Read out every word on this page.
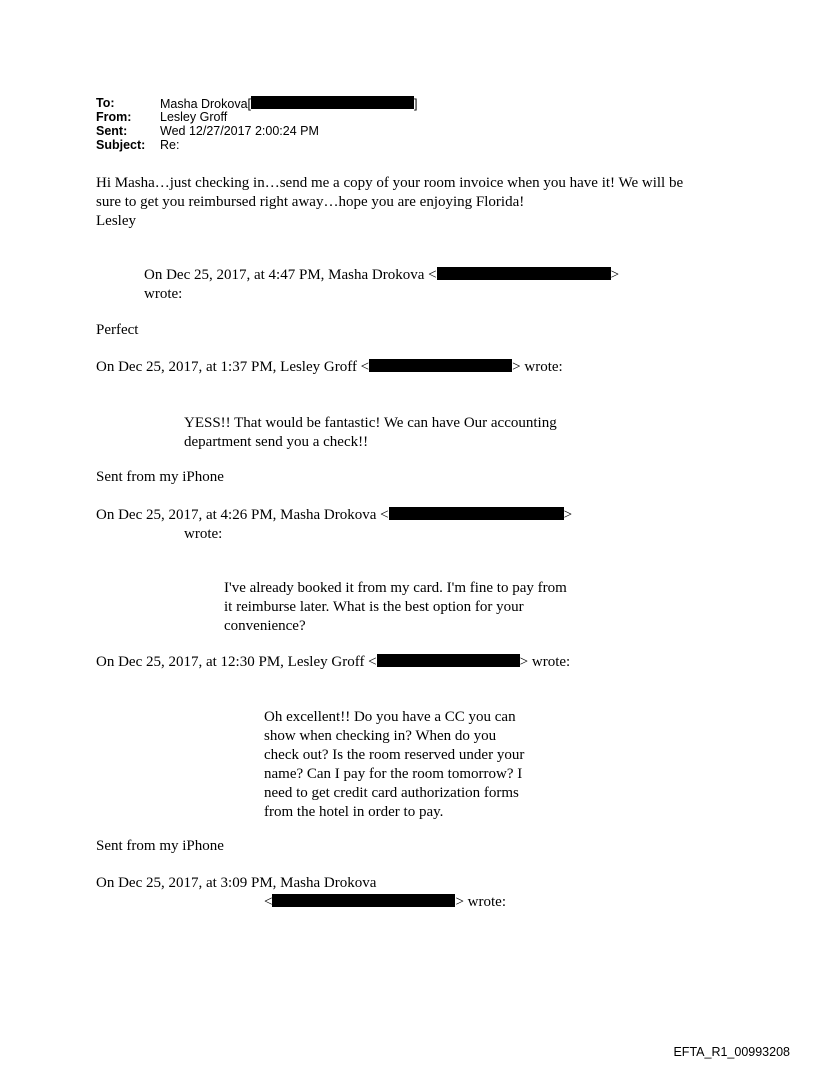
To:	Masha Drokova[	]
From: Lesley Groff
Sent:	Wed 12/27/2017 2:00:24 PM
Subject: Re:
Hi Masha…just checking in…send me a copy of your room invoice when you have it! We will be
sure to get you reimbursed right away…hope you are enjoying Florida!
Lesley
On Dec 25, 2017, at 4:47 PM, Masha Drokova <	>
wrote:
Perfect
On Dec 25, 2017, at 1:37 PM, Lesley Groff <	> wrote:
YESS!! That would be fantastic! We can have Our accounting
department send you a check!!
Sent from my iPhone
On Dec 25, 2017, at 4:26 PM, Masha Drokova <	>
wrote:
I've already booked it from my card. I'm fine to pay from
it reimburse later. What is the best option for your
convenience?
On Dec 25, 2017, at 12:30 PM, Lesley Groff <	> wrote:
Oh excellent!! Do you have a CC you can
show when checking in? When do you
check out? Is the room reserved under your
name? Can I pay for the room tomorrow? I
need to get credit card authorization forms
from the hotel in order to pay.
Sent from my iPhone
On Dec 25, 2017, at 3:09 PM, Masha Drokova
<	> wrote:
EFTA_R1_00993208
